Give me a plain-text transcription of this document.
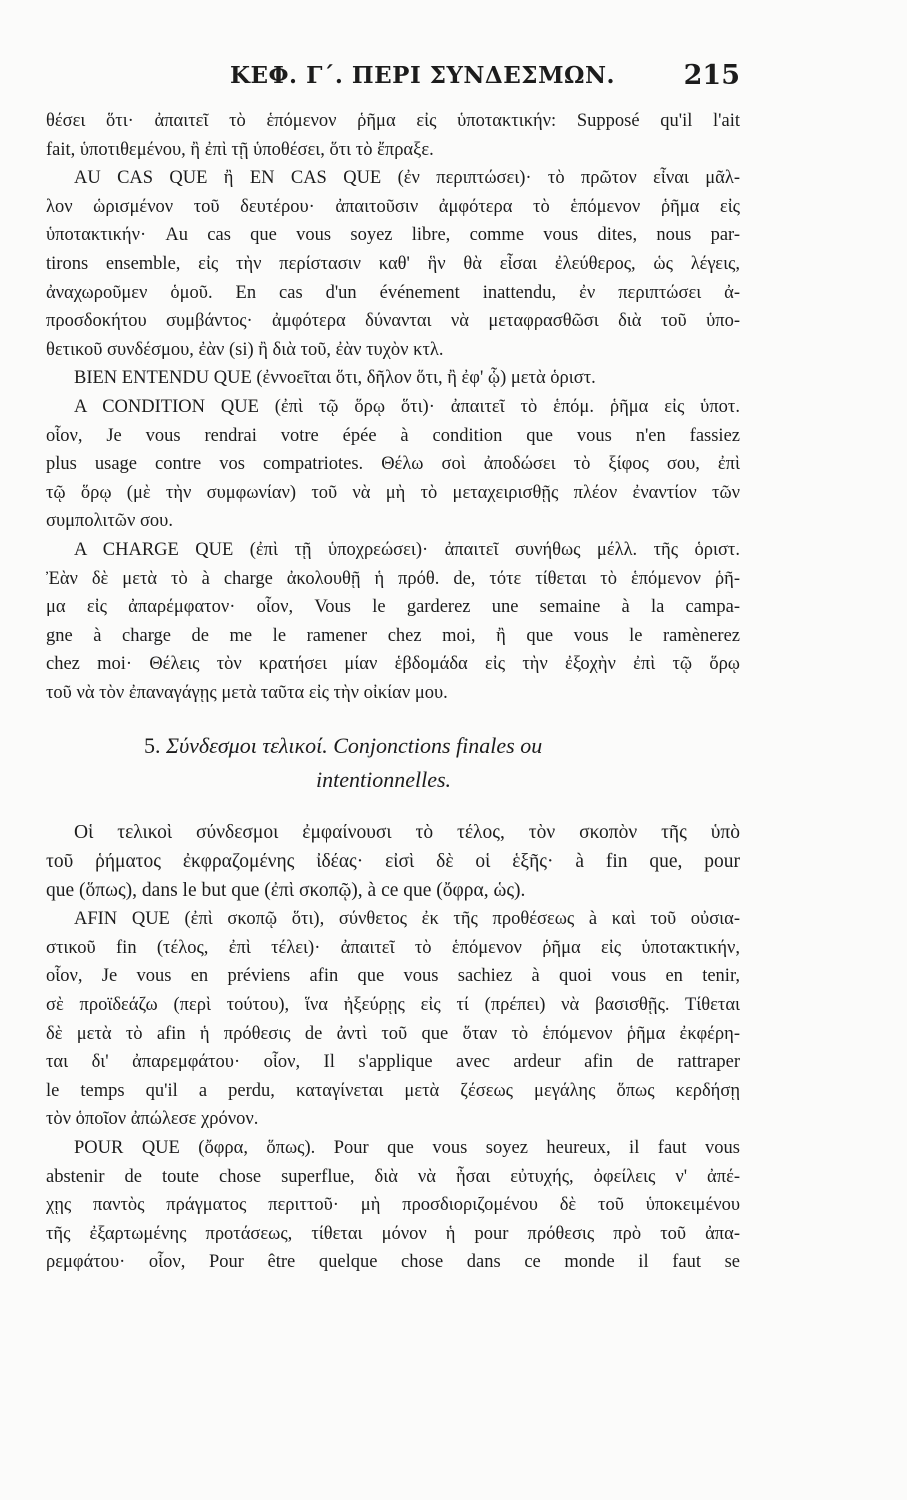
ΚΕΦ. Γ΄. ΠΕΡΙ ΣΥΝΔΕΣΜΩΝ.	215
θέσει ὅτι· ἀπαιτεῖ τὸ ἑπόμενον ῥῆμα εἰς ὑποτακτικήν: Supposé qu'il l'ait
fait, ὑποτιθεμένου, ἢ ἐπὶ τῇ ὑποθέσει, ὅτι τὸ ἔπραξε.
AU CAS QUE ἢ EN CAS QUE (ἐν περιπτώσει)· τὸ πρῶτον εἶναι μᾶλ-
λον ὡρισμένον τοῦ δευτέρου· ἀπαιτοῦσιν ἀμφότερα τὸ ἑπόμενον ῥῆμα εἰς
ὑποτακτικήν· Au cas que vous soyez libre, comme vous dites, nous par-
tirons ensemble, εἰς τὴν περίστασιν καθ' ἣν θὰ εἶσαι ἐλεύθερος, ὡς λέγεις,
ἀναχωροῦμεν ὁμοῦ. En cas d'un événement inattendu, ἐν περιπτώσει ἀ-
προσδοκήτου συμβάντος· ἀμφότερα δύνανται νὰ μεταφρασθῶσι διὰ τοῦ ὑπο-
θετικοῦ συνδέσμου, ἐὰν (si) ἢ διὰ τοῦ, ἐὰν τυχὸν κτλ.
BIEN ENTENDU QUE (ἐννοεῖται ὅτι, δῆλον ὅτι, ἢ ἐφ' ᾧ) μετὰ ὁριστ.
A CONDITION QUE (ἐπὶ τῷ ὅρῳ ὅτι)· ἀπαιτεῖ τὸ ἑπόμ. ῥῆμα εἰς ὑποτ.
οἷον, Je vous rendrai votre épée à condition que vous n'en fassiez
plus usage contre vos compatriotes. Θέλω σοὶ ἀποδώσει τὸ ξίφος σου, ἐπὶ
τῷ ὅρῳ (μὲ τὴν συμφωνίαν) τοῦ νὰ μὴ τὸ μεταχειρισθῇς πλέον ἐναντίον τῶν
συμπολιτῶν σου.
A CHARGE QUE (ἐπὶ τῇ ὑποχρεώσει)· ἀπαιτεῖ συνήθως μέλλ. τῆς ὁριστ.
Ἐὰν δὲ μετὰ τὸ à charge ἀκολουθῇ ἡ πρόθ. de, τότε τίθεται τὸ ἑπόμενον ῥῆ-
μα εἰς ἀπαρέμφατον· οἷον, Vous le garderez une semaine à la campa-
gne à charge de me le ramener chez moi, ἢ que vous le ramènerez
chez moi· Θέλεις τὸν κρατήσει μίαν ἑβδομάδα εἰς τὴν ἐξοχὴν ἐπὶ τῷ ὅρῳ
τοῦ νὰ τὸν ἐπαναγάγῃς μετὰ ταῦτα εἰς τὴν οἰκίαν μου.
5. Σύνδεσμοι τελικοί. Conjonctions finales ou
intentionnelles.
Οἱ τελικοὶ σύνδεσμοι ἐμφαίνουσι τὸ τέλος, τὸν σκοπὸν τῆς ὑπὸ
τοῦ ῥήματος ἐκφραζομένης ἰδέας· εἰσὶ δὲ οἱ ἑξῆς· à fin que, pour
que (ὅπως), dans le but que (ἐπὶ σκοπῷ), à ce que (ὄφρα, ὡς).
AFIN QUE (ἐπὶ σκοπῷ ὅτι), σύνθετος ἐκ τῆς προθέσεως à καὶ τοῦ οὐσια-
στικοῦ fin (τέλος, ἐπὶ τέλει)· ἀπαιτεῖ τὸ ἑπόμενον ῥῆμα εἰς ὑποτακτικήν,
οἷον, Je vous en préviens afin que vous sachiez à quoi vous en tenir,
σὲ προϊδεάζω (περὶ τούτου), ἵνα ἠξεύρῃς εἰς τί (πρέπει) νὰ βασισθῇς. Τίθεται
δὲ μετὰ τὸ afin ἡ πρόθεσις de ἀντὶ τοῦ que ὅταν τὸ ἑπόμενον ῥῆμα ἐκφέρη-
ται δι' ἀπαρεμφάτου· οἷον, Il s'applique avec ardeur afin de rattraper
le temps qu'il a perdu, καταγίνεται μετὰ ζέσεως μεγάλης ὅπως κερδήσῃ
τὸν ὁποῖον ἀπώλεσε χρόνον.
POUR QUE (ὄφρα, ὅπως). Pour que vous soyez heureux, il faut vous
abstenir de toute chose superflue, διὰ νὰ ἦσαι εὐτυχής, ὀφείλεις ν' ἀπέ-
χῃς παντὸς πράγματος περιττοῦ· μὴ προσδιοριζομένου δὲ τοῦ ὑποκειμένου
τῆς ἐξαρτωμένης προτάσεως, τίθεται μόνον ἡ pour πρόθεσις πρὸ τοῦ ἀπα-
ρεμφάτου· οἷον, Pour être quelque chose dans ce monde il faut se
